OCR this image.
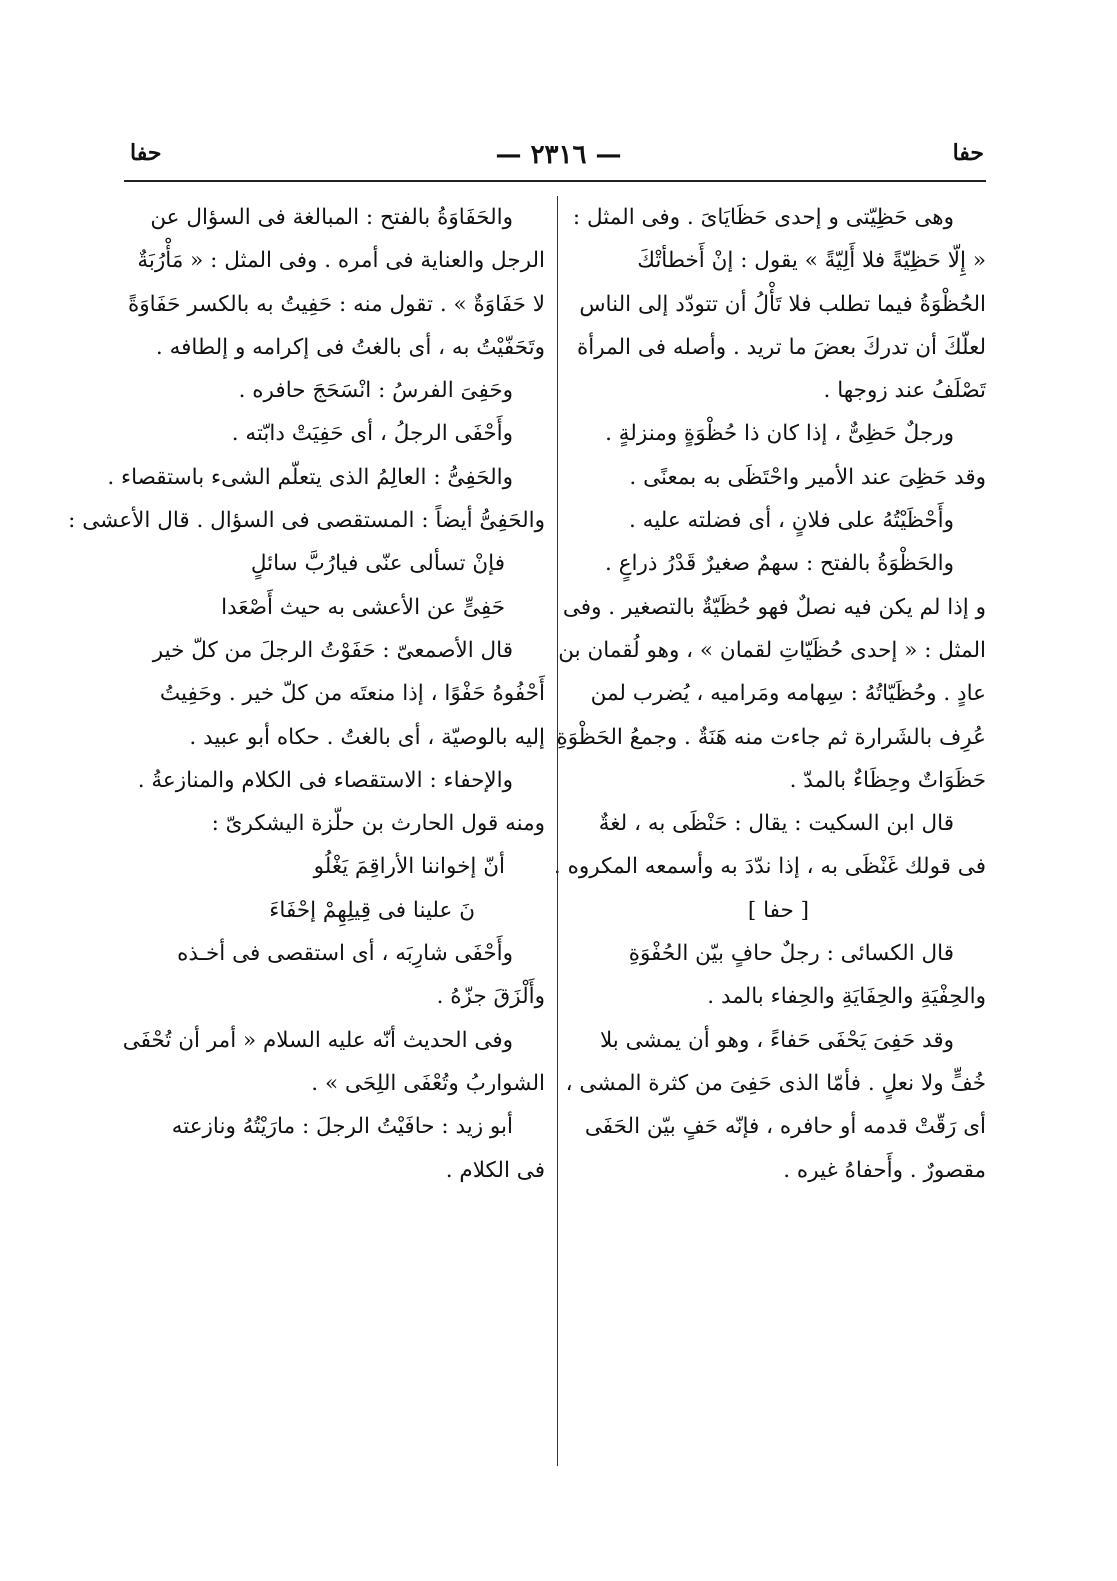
حفا
— ٢٣١٦ —
حفا
وهى حَظِيّتى و إحدى حَظَايَاىَ . وفى المثل :
« إِلّا حَظِيّةً فلا أَلِيّةً » يقول : إنْ أَخطأتْكَ
الحُظْوَةُ فيما تطلب فلا تَأْلُ أن تتودّد إلى الناس
لعلّكَ أن تدركَ بعضَ ما تريد . وأصله فى المرأة
تَصْلَفُ عند زوجها .
ورجلٌ حَظِىٌّ ، إذا كان ذا حُظْوَةٍ ومنزلةٍ .
وقد حَظِىَ عند الأمير واحْتَظَى به بمعنًى .
وأَحْظَيْتُهُ على فلانٍ ، أى فضلته عليه .
والحَظْوَةُ بالفتح : سهمٌ صغيرٌ قَدْرُ ذراعٍ .
و إذا لم يكن فيه نصلٌ فهو حُظَيّةٌ بالتصغير . وفى
المثل : « إحدى حُظَيّاتِ لقمان » ، وهو لُقمان بن
عادٍ . وحُظَيّاتُهُ : سِهامه ومَراميه ، يُضرب لمن
عُرِف بالشَرارة ثم جاءت منه هَنَةٌ . وجمعُ الحَظْوَةِ
حَظَوَاتٌ وحِظَاءٌ بالمدّ .
قال ابن السكيت : يقال : حَنْظَى به ، لغةٌ
فى قولك غَنْظَى به ، إذا ندّدَ به وأسمعه المكروه .
[ حفا ]
قال الكسائى : رجلٌ حافٍ بيّن الحُفْوَةِ
والحِفْيَةِ والحِفَايَةِ والحِفاء بالمد .
وقد حَفِىَ يَحْفَى حَفاءً ، وهو أن يمشى بلا
خُفٍّ ولا نعلٍ . فأمّا الذى حَفِىَ من كثرة المشى ،
أى رَقّتْ قدمه أو حافره ، فإنّه حَفٍ بيّن الحَفَى
مقصورٌ . وأَحفاهُ غيره .
والحَفَاوَةُ بالفتح : المبالغة فى السؤال عن
الرجل والعناية فى أمره . وفى المثل : « مَأْرُبَةٌ
لا حَفَاوَةٌ » . تقول منه : حَفِيتُ به بالكسر حَفَاوَةً
وتَحَفّيْتُ به ، أى بالغتُ فى إكرامه و إلطافه .
وحَفِىَ الفرسُ : انْسَحَجَ حافره .
وأَحْفَى الرجلُ ، أى حَفِيَتْ دابّته .
والحَفِىُّ : العالِمُ الذى يتعلّم الشىء باستقصاء .
والحَفِىُّ أيضاً : المستقصى فى السؤال . قال الأعشى :
فإنْ تسألى عنّى فيارُبَّ سائلٍ
حَفِىٍّ عن الأعشى به حيث أَصْعَدا
قال الأصمعىّ : حَفَوْتُ الرجلَ من كلّ خير
أَحْفُوهُ حَفْوًا ، إذا منعتَه من كلّ خير . وحَفِيتُ
إليه بالوصيّة ، أى بالغتُ . حكاه أبو عبيد .
والإحفاء : الاستقصاء فى الكلام والمنازعةُ .
ومنه قول الحارث بن حلّزة اليشكرىّ :
أنّ إخواننا الأراقِمَ يَغْلُو
نَ علينا فى قِيلِهِمْ إحْفَاءَ
وأَحْفَى شارِبَه ، أى استقصى فى أخـذه
وأَلْزَقَ جزّهُ .
وفى الحديث أنّه عليه السلام « أمر أن تُحْفَى
الشواربُ وتُعْفَى اللِحَى » .
أبو زيد : حافَيْتُ الرجلَ : مارَيْتُهُ ونازعته
فى الكلام .
